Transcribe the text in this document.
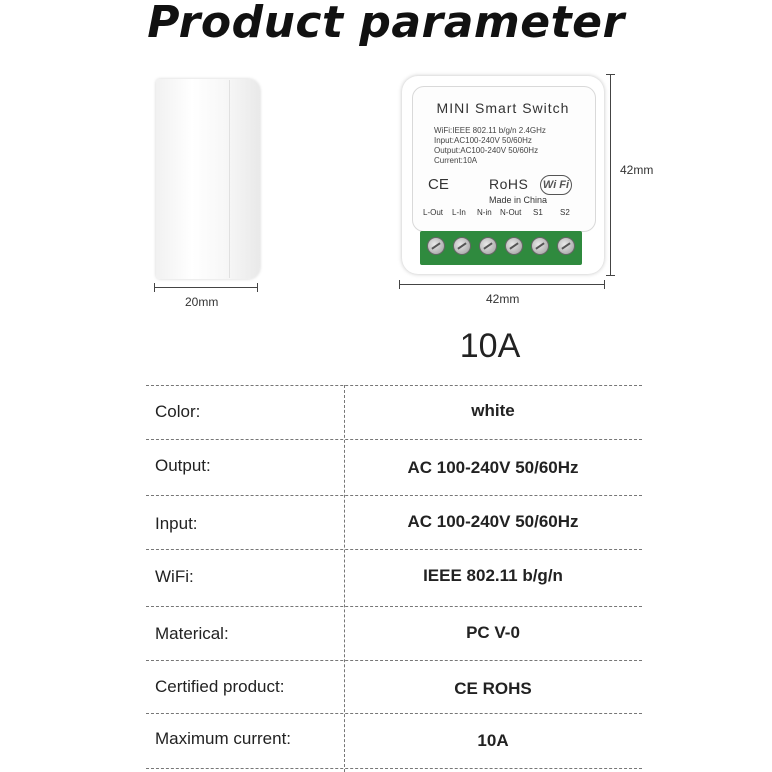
Product parameter
20mm
MINI Smart Switch
WiFi:IEEE 802.11 b/g/n 2.4GHz
Input:AC100-240V 50/60Hz
Output:AC100-240V 50/60Hz
Current:10A
CE	RoHS
Made in China
Wi Fi
L-Out L-In N-in N-Out S1 S2
42mm
42mm
10A
Color:	white
Output:	AC 100-240V 50/60Hz
Input:	AC 100-240V 50/60Hz
WiFi:	IEEE 802.11 b/g/n
Materical:	PC V-0
Certified product:	CE ROHS
Maximum current:	10A
